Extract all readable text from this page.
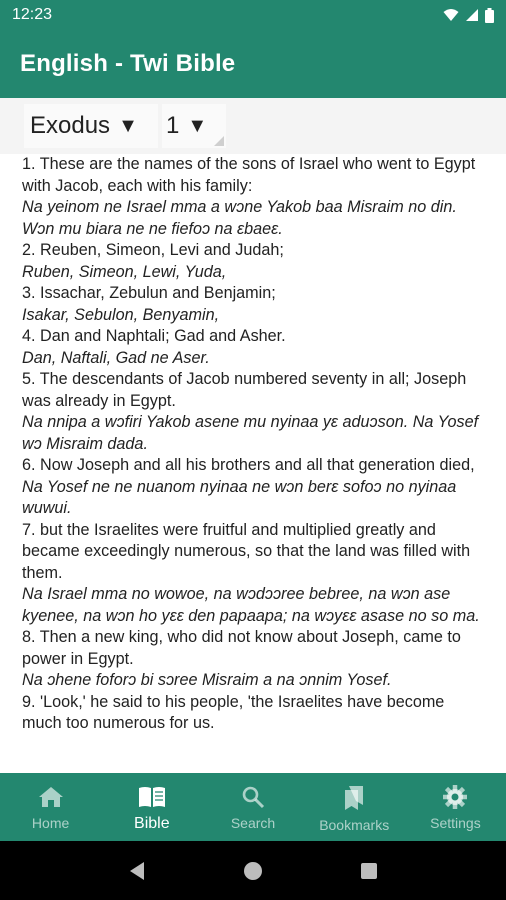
12:23
English - Twi Bible
Exodus ▼ 1 ▼
1. These are the names of the sons of Israel who went to Egypt with Jacob, each with his family:
Na yeinom ne Israel mma a wɔne Yakob baa Misraim no din. Wɔn mu biara ne ne fiefoɔ na ɛbaeɛ.
2. Reuben, Simeon, Levi and Judah;
Ruben, Simeon, Lewi, Yuda,
3. Issachar, Zebulun and Benjamin;
Isakar, Sebulon, Benyamin,
4. Dan and Naphtali; Gad and Asher.
Dan, Naftali, Gad ne Aser.
5. The descendants of Jacob numbered seventy in all; Joseph was already in Egypt.
Na nnipa a wɔfiri Yakob asene mu nyinaa yɛ aduɔson. Na Yosef wɔ Misraim dada.
6. Now Joseph and all his brothers and all that generation died,
Na Yosef ne ne nuanom nyinaa ne wɔn berɛ sofoɔ no nyinaa wuwui.
7. but the Israelites were fruitful and multiplied greatly and became exceedingly numerous, so that the land was filled with them.
Na Israel mma no wowoe, na wɔdɔɔree bebree, na wɔn ase kyenee, na wɔn ho yɛɛ den papaapa; na wɔyɛɛ asase no so ma.
8. Then a new king, who did not know about Joseph, came to power in Egypt.
Na ɔhene foforɔ bi sɔree Misraim a na ɔnnim Yosef.
9. 'Look,' he said to his people, 'the Israelites have become much too numerous for us.
Home	Bible	Search	Bookmarks	Settings
